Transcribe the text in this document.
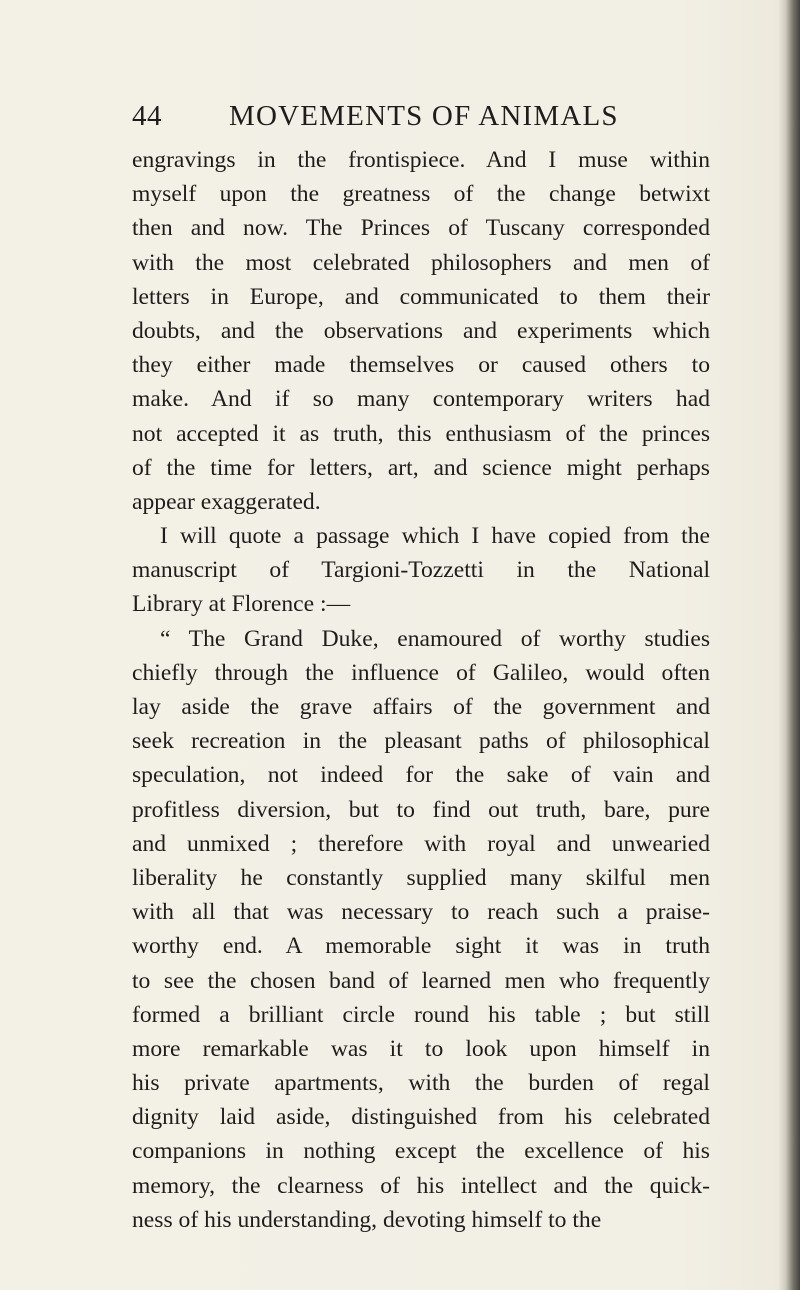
44 MOVEMENTS OF ANIMALS
engravings in the frontispiece. And I muse within
myself upon the greatness of the change betwixt
then and now. The Princes of Tuscany corresponded
with the most celebrated philosophers and men of
letters in Europe, and communicated to them their
doubts, and the observations and experiments which
they either made themselves or caused others to
make. And if so many contemporary writers had
not accepted it as truth, this enthusiasm of the princes
of the time for letters, art, and science might perhaps
appear exaggerated.
I will quote a passage which I have copied from the
manuscript of Targioni-Tozzetti in the National
Library at Florence :—
“ The Grand Duke, enamoured of worthy studies
chiefly through the influence of Galileo, would often
lay aside the grave affairs of the government and
seek recreation in the pleasant paths of philosophical
speculation, not indeed for the sake of vain and
profitless diversion, but to find out truth, bare, pure
and unmixed ; therefore with royal and unwearied
liberality he constantly supplied many skilful men
with all that was necessary to reach such a praise-
worthy end. A memorable sight it was in truth
to see the chosen band of learned men who frequently
formed a brilliant circle round his table ; but still
more remarkable was it to look upon himself in
his private apartments, with the burden of regal
dignity laid aside, distinguished from his celebrated
companions in nothing except the excellence of his
memory, the clearness of his intellect and the quick-
ness of his understanding, devoting himself to the
